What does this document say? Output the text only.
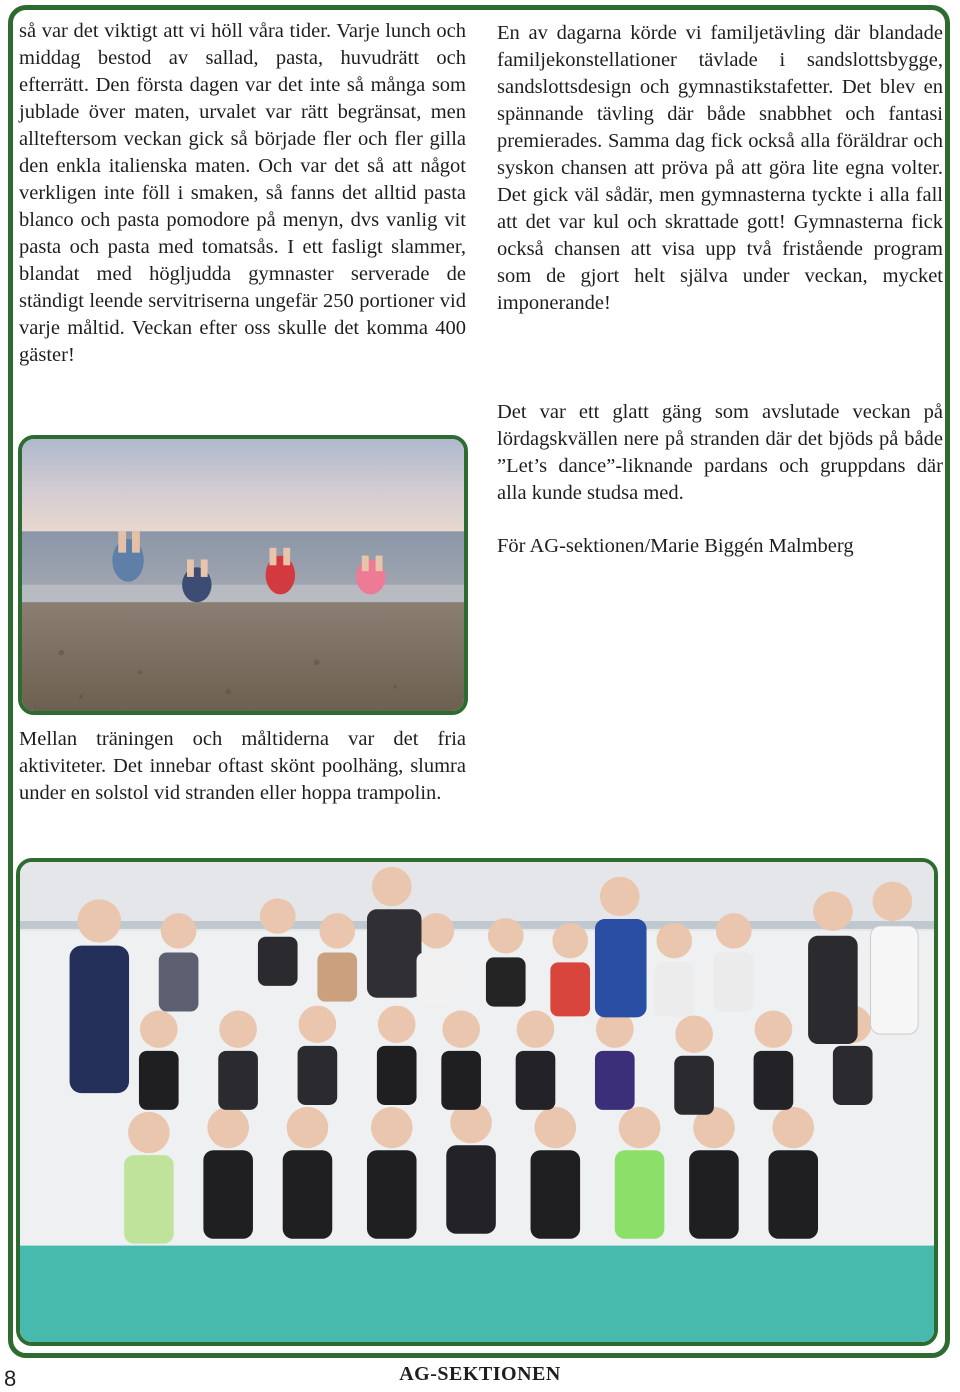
så var det viktigt att vi höll våra tider. Varje lunch och middag bestod av sallad, pasta, huvudrätt och efterrätt. Den första dagen var det inte så många som jublade över maten, urvalet var rätt begränsat, men allteftersom veckan gick så började fler och fler gilla den enkla italienska maten. Och var det så att något verkligen inte föll i smaken, så fanns det alltid pasta blanco och pasta pomodore på menyn, dvs vanlig vit pasta och pasta med tomatsås. I ett fasligt slammer, blandat med högljudda gymnaster serverade de ständigt leende servitriserna ungefär 250 portioner vid varje måltid. Veckan efter oss skulle det komma 400 gäster!

Mellan träningen och måltiderna var det fria aktiviteter. Det innebar oftast skönt poolhäng, slumra under en solstol vid stranden eller hoppa trampolin.

En av dagarna körde vi familjetävling där blandade familjekonstellationer tävlade i sandslottsbygge, sandslottsdesign och gymnastikstafetter. Det blev en spännande tävling där både snabbhet och fantasi premierades. Samma dag fick också alla föräldrar och syskon chansen att pröva på att göra lite egna volter. Det gick väl sådär, men gymnasterna tyckte i alla fall att det var kul och skrattade gott! Gymnasterna fick också chansen att visa upp två fristående program som de gjort helt själva under veckan, mycket imponerande!

Det var ett glatt gäng som avslutade veckan på lördagskvällen nere på stranden där det bjöds på både ”Let’s dance”-liknande pardans och gruppdans där alla kunde studsa med.

För AG-sektionen/Marie Biggén Malmberg

8	AG-SEKTIONEN
